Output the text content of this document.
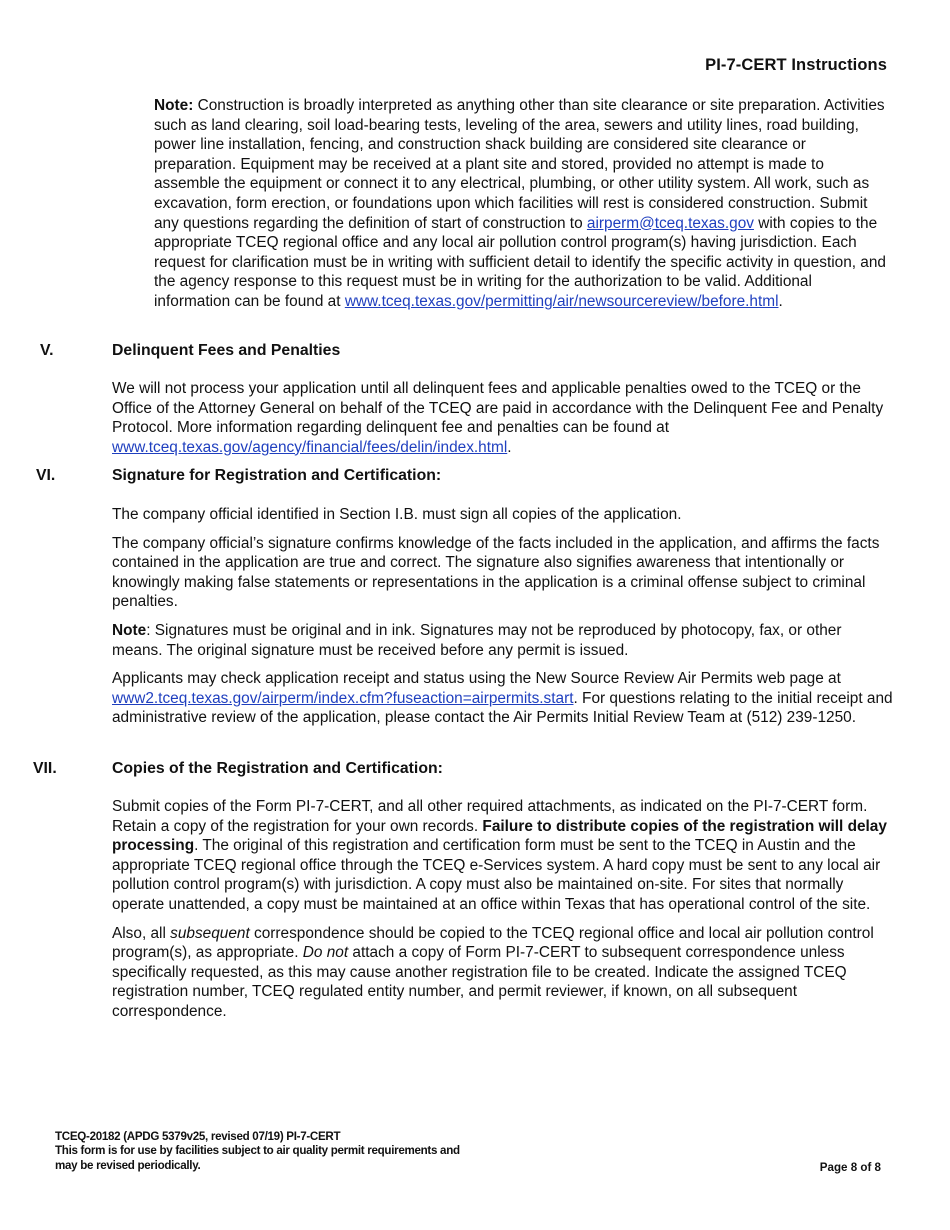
PI-7-CERT Instructions

Note: Construction is broadly interpreted as anything other than site clearance or site preparation. Activities such as land clearing, soil load-bearing tests, leveling of the area, sewers and utility lines, road building, power line installation, fencing, and construction shack building are considered site clearance or preparation. Equipment may be received at a plant site and stored, provided no attempt is made to assemble the equipment or connect it to any electrical, plumbing, or other utility system. All work, such as excavation, form erection, or foundations upon which facilities will rest is considered construction. Submit any questions regarding the definition of start of construction to airperm@tceq.texas.gov with copies to the appropriate TCEQ regional office and any local air pollution control program(s) having jurisdiction. Each request for clarification must be in writing with sufficient detail to identify the specific activity in question, and the agency response to this request must be in writing for the authorization to be valid. Additional information can be found at www.tceq.texas.gov/permitting/air/newsourcereview/before.html.

V.	Delinquent Fees and Penalties

We will not process your application until all delinquent fees and applicable penalties owed to the TCEQ or the Office of the Attorney General on behalf of the TCEQ are paid in accordance with the Delinquent Fee and Penalty Protocol. More information regarding delinquent fee and penalties can be found at www.tceq.texas.gov/agency/financial/fees/delin/index.html.

VI.	Signature for Registration and Certification:

The company official identified in Section I.B. must sign all copies of the application.

The company official’s signature confirms knowledge of the facts included in the application, and affirms the facts contained in the application are true and correct. The signature also signifies awareness that intentionally or knowingly making false statements or representations in the application is a criminal offense subject to criminal penalties.

Note: Signatures must be original and in ink. Signatures may not be reproduced by photocopy, fax, or other means. The original signature must be received before any permit is issued.

Applicants may check application receipt and status using the New Source Review Air Permits web page at www2.tceq.texas.gov/airperm/index.cfm?fuseaction=airpermits.start. For questions relating to the initial receipt and administrative review of the application, please contact the Air Permits Initial Review Team at (512) 239-1250.

VII.	Copies of the Registration and Certification:

Submit copies of the Form PI-7-CERT, and all other required attachments, as indicated on the PI-7-CERT form. Retain a copy of the registration for your own records. Failure to distribute copies of the registration will delay processing. The original of this registration and certification form must be sent to the TCEQ in Austin and the appropriate TCEQ regional office through the TCEQ e-Services system. A hard copy must be sent to any local air pollution control program(s) with jurisdiction. A copy must also be maintained on-site. For sites that normally operate unattended, a copy must be maintained at an office within Texas that has operational control of the site.

Also, all subsequent correspondence should be copied to the TCEQ regional office and local air pollution control program(s), as appropriate. Do not attach a copy of Form PI-7-CERT to subsequent correspondence unless specifically requested, as this may cause another registration file to be created. Indicate the assigned TCEQ registration number, TCEQ regulated entity number, and permit reviewer, if known, on all subsequent correspondence.

TCEQ-20182 (APDG 5379v25, revised 07/19) PI-7-CERT
This form is for use by facilities subject to air quality permit requirements and
may be revised periodically.	Page 8 of 8
